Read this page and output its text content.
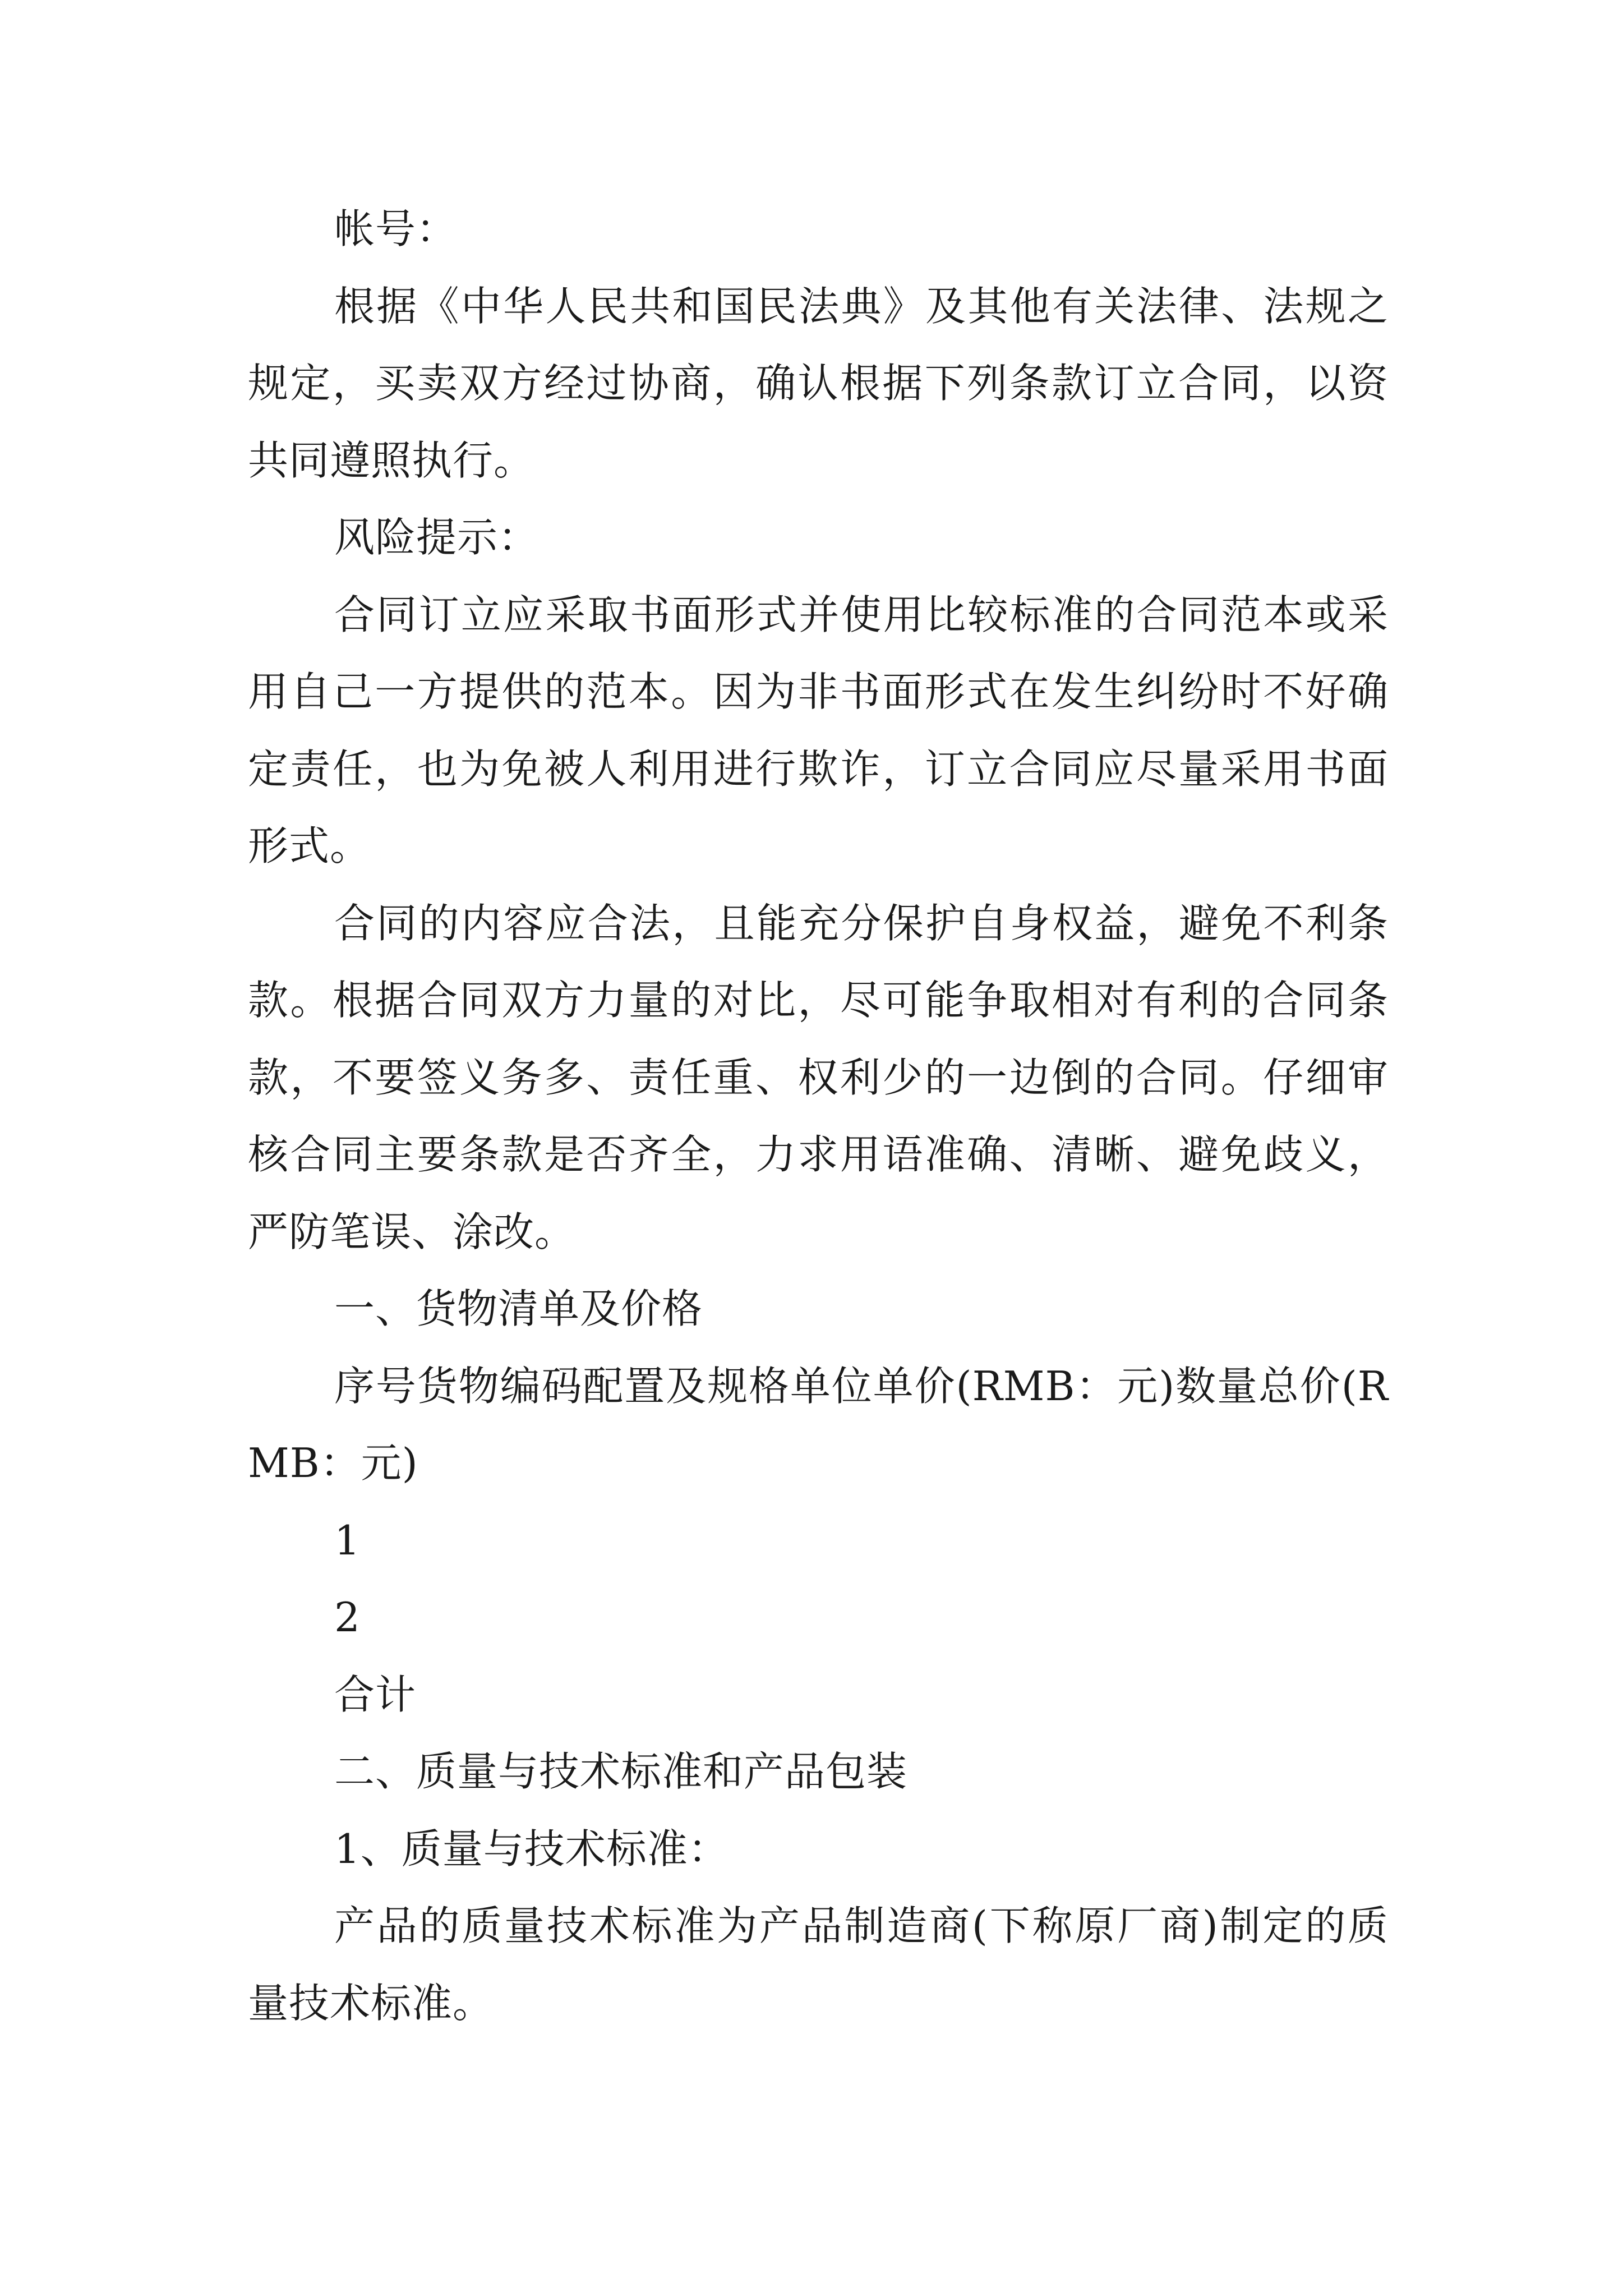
帐号：

根据《中华人民共和国民法典》及其他有关法律、法规之规定，买卖双方经过协商，确认根据下列条款订立合同，以资共同遵照执行。

风险提示：

合同订立应采取书面形式并使用比较标准的合同范本或采用自己一方提供的范本。因为非书面形式在发生纠纷时不好确定责任，也为免被人利用进行欺诈，订立合同应尽量采用书面形式。

合同的内容应合法，且能充分保护自身权益，避免不利条款。根据合同双方力量的对比，尽可能争取相对有利的合同条款，不要签义务多、责任重、权利少的一边倒的合同。仔细审核合同主要条款是否齐全，力求用语准确、清晰、避免歧义，严防笔误、涂改。

一、货物清单及价格

序号货物编码配置及规格单位单价(RMB：元)数量总价(RMB：元)

1

2

合计

二、质量与技术标准和产品包装

1、质量与技术标准：

产品的质量技术标准为产品制造商(下称原厂商)制定的质量技术标准。
